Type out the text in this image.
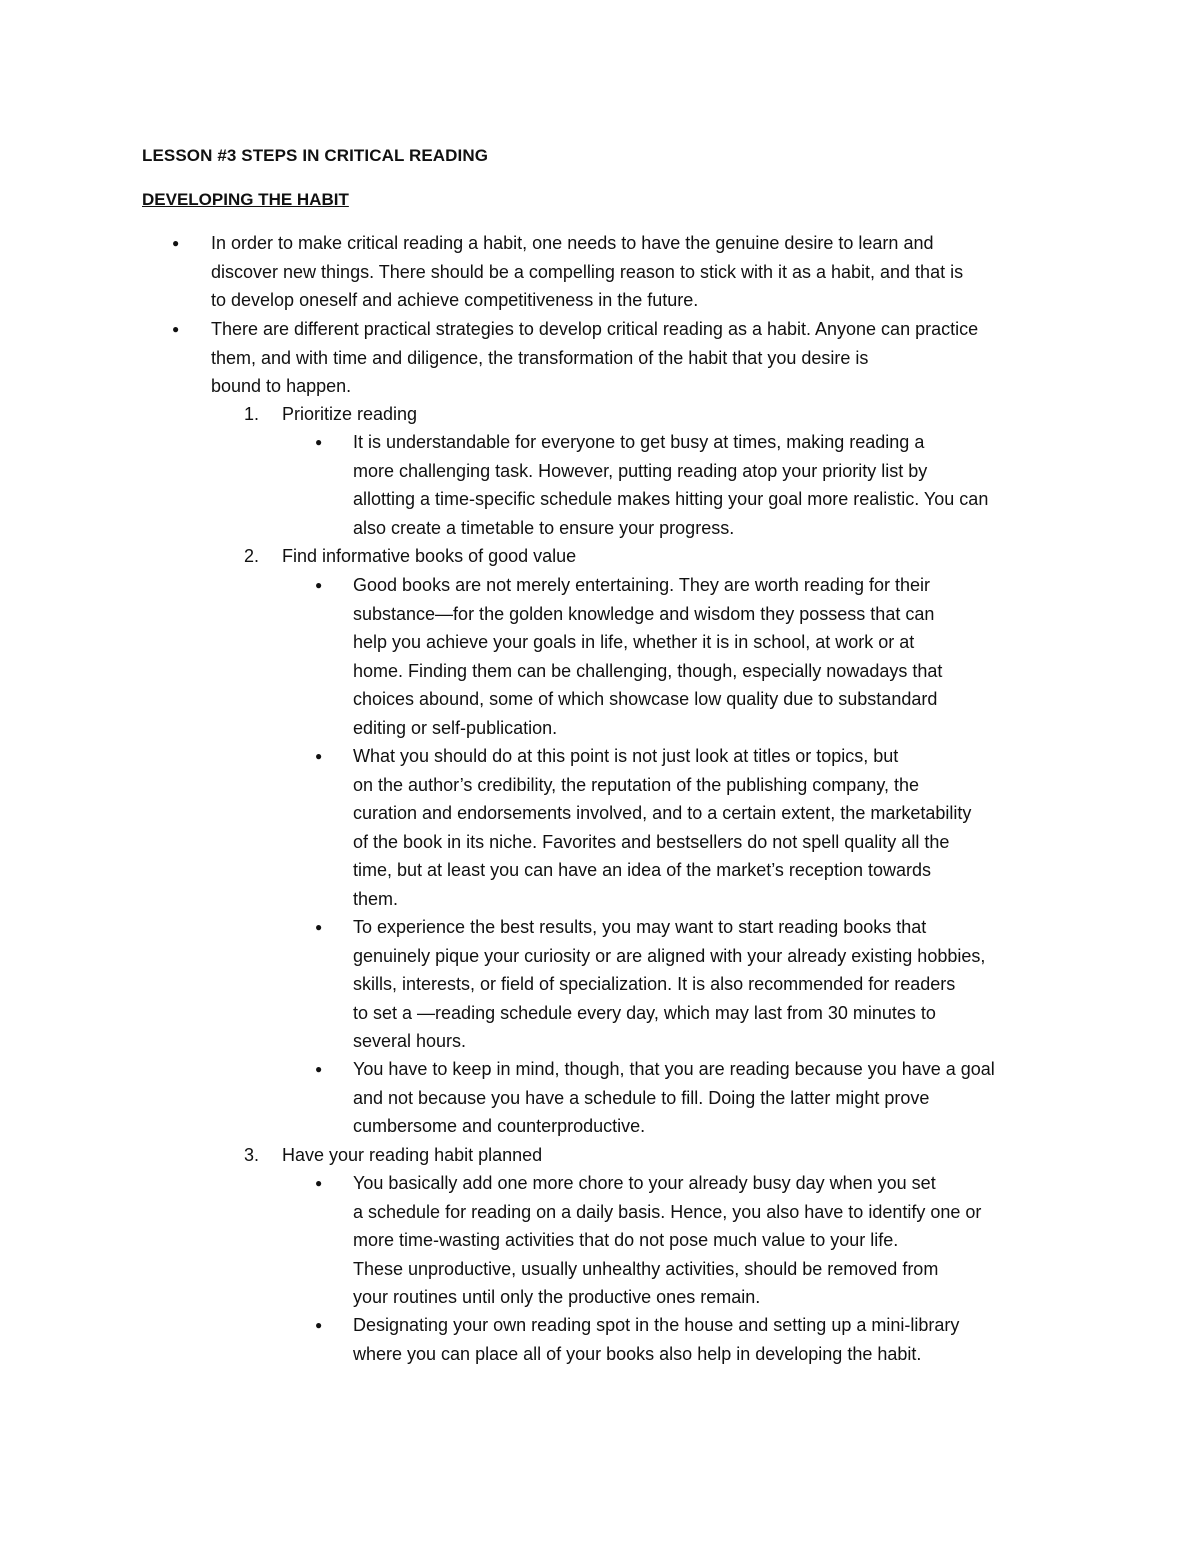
LESSON #3 STEPS IN CRITICAL READING
DEVELOPING THE HABIT
● In order to make critical reading a habit, one needs to have the genuine desire to learn and
discover new things. There should be a compelling reason to stick with it as a habit, and that is
to develop oneself and achieve competitiveness in the future.
● There are different practical strategies to develop critical reading as a habit. Anyone can practice
them, and with time and diligence, the transformation of the habit that you desire is
bound to happen.
1. Prioritize reading
● It is understandable for everyone to get busy at times, making reading a
more challenging task. However, putting reading atop your priority list by
allotting a time-specific schedule makes hitting your goal more realistic. You can
also create a timetable to ensure your progress.
2. Find informative books of good value
● Good books are not merely entertaining. They are worth reading for their
substance—for the golden knowledge and wisdom they possess that can
help you achieve your goals in life, whether it is in school, at work or at
home. Finding them can be challenging, though, especially nowadays that
choices abound, some of which showcase low quality due to substandard
editing or self-publication.
● What you should do at this point is not just look at titles or topics, but
on the author’s credibility, the reputation of the publishing company, the
curation and endorsements involved, and to a certain extent, the marketability
of the book in its niche. Favorites and bestsellers do not spell quality all the
time, but at least you can have an idea of the market’s reception towards
them.
● To experience the best results, you may want to start reading books that
genuinely pique your curiosity or are aligned with your already existing hobbies,
skills, interests, or field of specialization. It is also recommended for readers
to set a —reading schedule every day, which may last from 30 minutes to
several hours.
● You have to keep in mind, though, that you are reading because you have a goal
and not because you have a schedule to fill. Doing the latter might prove
cumbersome and counterproductive.
3. Have your reading habit planned
● You basically add one more chore to your already busy day when you set
a schedule for reading on a daily basis. Hence, you also have to identify one or
more time-wasting activities that do not pose much value to your life.
These unproductive, usually unhealthy activities, should be removed from
your routines until only the productive ones remain.
● Designating your own reading spot in the house and setting up a mini-library
where you can place all of your books also help in developing the habit.
